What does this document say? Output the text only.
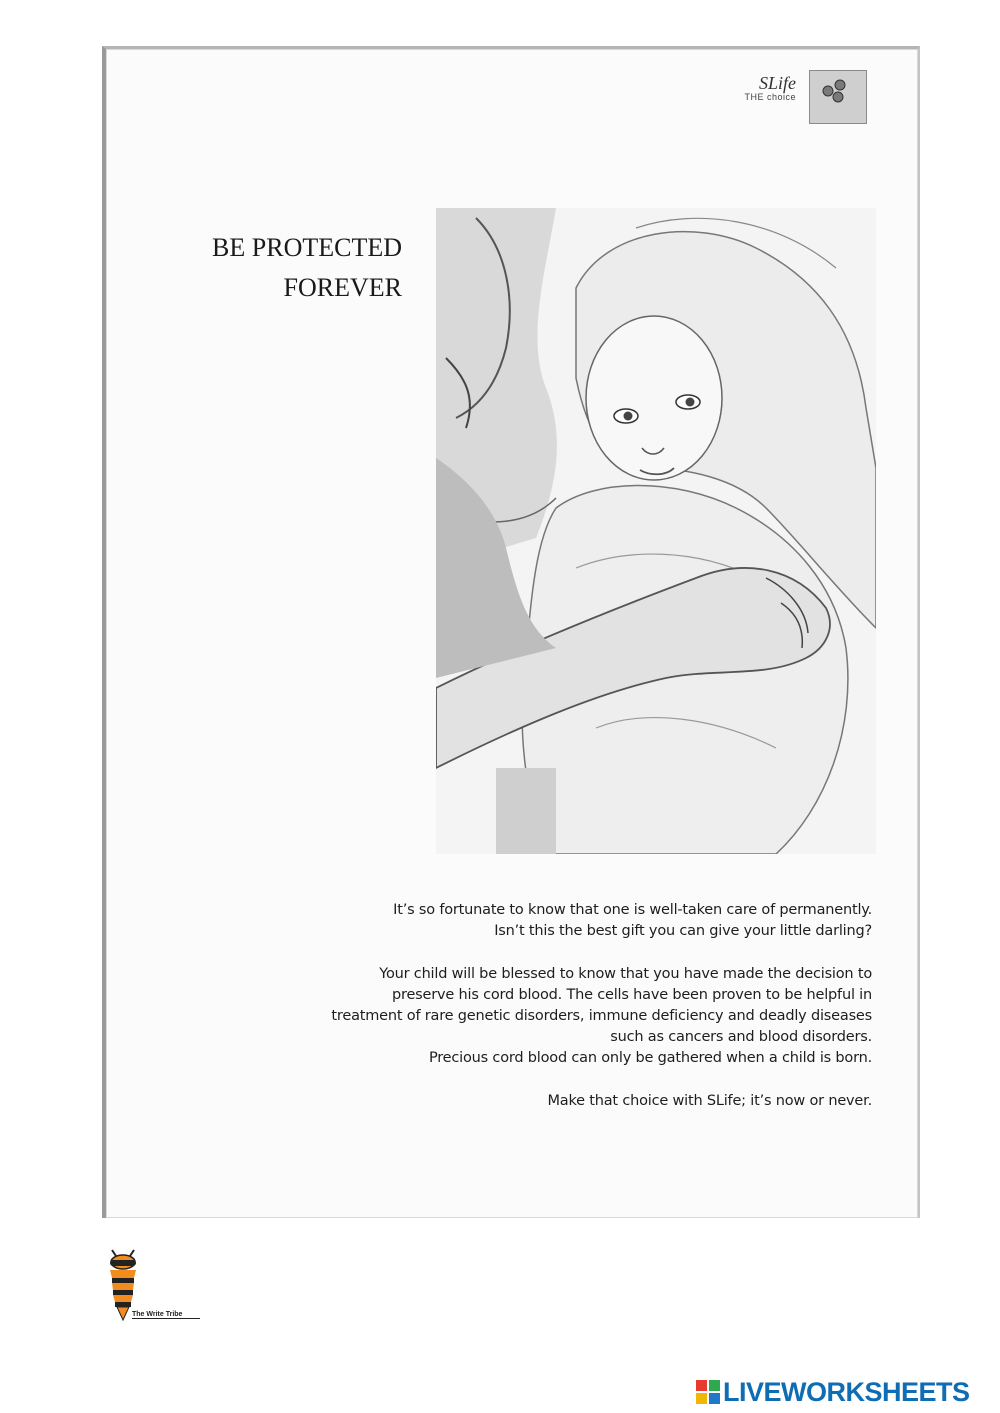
SLife
THE choice
BE PROTECTED
FOREVER

It’s so fortunate to know that one is well-taken care of permanently.

Isn’t this the best gift you can give your little darling?

Your child will be blessed to know that you have made the decision to

preserve his cord blood. The cells have been proven to be helpful in

treatment of rare genetic disorders, immune deficiency and deadly diseases

such as cancers and blood disorders.

Precious cord blood can only be gathered when a child is born.

Make that choice with SLife; it’s now or never.

The Write Tribe
LIVEWORKSHEETS
